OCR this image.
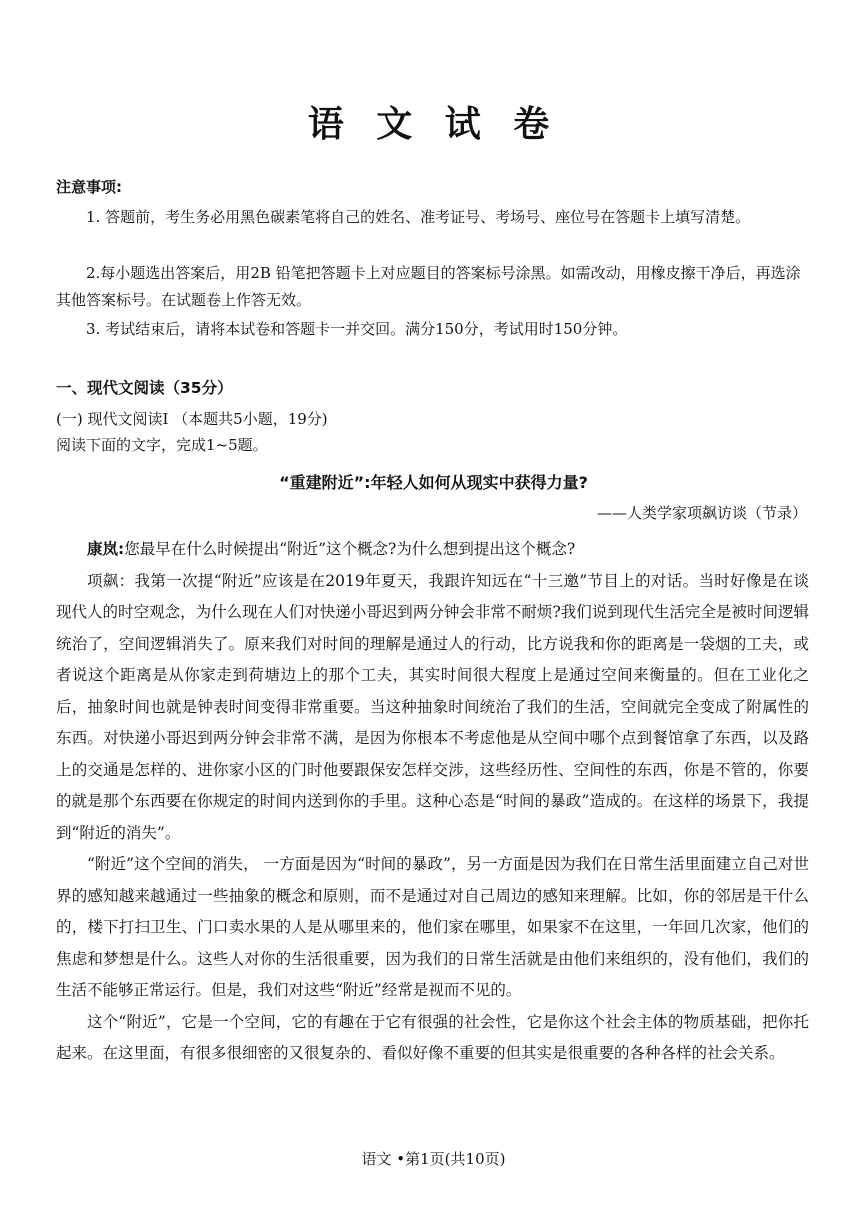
语 文 试 卷
注意事项:

1. 答题前，考生务必用黑色碳素笔将自己的姓名、准考证号、考场号、座位号在答题卡上填写清楚。

2.每小题选出答案后，用2B 铅笔把答题卡上对应题目的答案标号涂黑。如需改动，用橡皮擦干净后，再选涂其他答案标号。在试题卷上作答无效。

3. 考试结束后，请将本试卷和答题卡一并交回。满分150分，考试用时150分钟。

一、现代文阅读（35分）
(一) 现代文阅读I （本题共5小题，19分)
阅读下面的文字，完成1~5题。
“重建附近”:年轻人如何从现实中获得力量?
——人类学家项飙访谈（节录）

康岚:您最早在什么时候提出“附近”这个概念?为什么想到提出这个概念?

项飙：我第一次提“附近”应该是在2019年夏天，我跟许知远在“十三邀”节目上的对话。当时好像是在谈现代人的时空观念，为什么现在人们对快递小哥迟到两分钟会非常不耐烦?我们说到现代生活完全是被时间逻辑统治了，空间逻辑消失了。原来我们对时间的理解是通过人的行动，比方说我和你的距离是一袋烟的工夫，或者说这个距离是从你家走到荷塘边上的那个工夫，其实时间很大程度上是通过空间来衡量的。但在工业化之后，抽象时间也就是钟表时间变得非常重要。当这种抽象时间统治了我们的生活，空间就完全变成了附属性的东西。对快递小哥迟到两分钟会非常不满，是因为你根本不考虑他是从空间中哪个点到餐馆拿了东西，以及路上的交通是怎样的、进你家小区的门时他要跟保安怎样交涉，这些经历性、空间性的东西，你是不管的，你要的就是那个东西要在你规定的时间内送到你的手里。这种心态是“时间的暴政”造成的。在这样的场景下，我提到“附近的消失”。

“附近”这个空间的消失， 一方面是因为“时间的暴政”，另一方面是因为我们在日常生活里面建立自己对世界的感知越来越通过一些抽象的概念和原则，而不是通过对自己周边的感知来理解。比如，你的邻居是干什么的，楼下打扫卫生、门口卖水果的人是从哪里来的，他们家在哪里，如果家不在这里，一年回几次家，他们的焦虑和梦想是什么。这些人对你的生活很重要，因为我们的日常生活就是由他们来组织的，没有他们，我们的生活不能够正常运行。但是，我们对这些“附近”经常是视而不见的。

这个“附近”，它是一个空间，它的有趣在于它有很强的社会性，它是你这个社会主体的物质基础，把你托起来。在这里面，有很多很细密的又很复杂的、看似好像不重要的但其实是很重要的各种各样的社会关系。

语文 •第1页(共10页)
